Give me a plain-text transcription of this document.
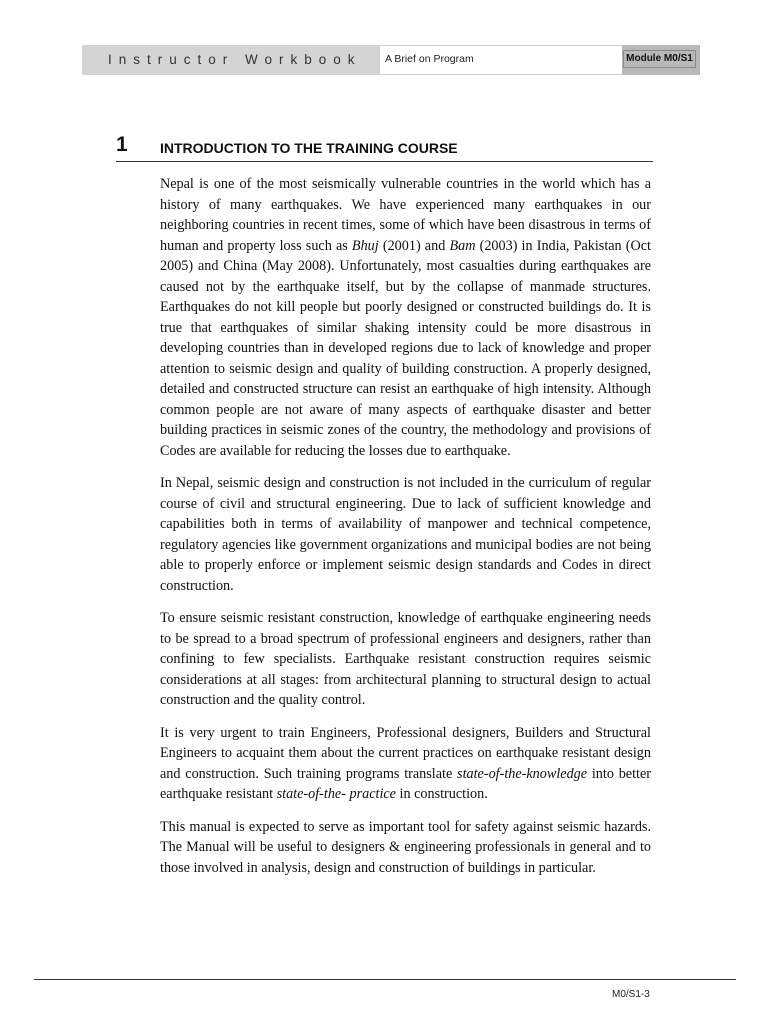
Instructor Workbook	A Brief on Program	Module M0/S1
1 INTRODUCTION TO THE TRAINING COURSE

Nepal is one of the most seismically vulnerable countries in the world which has a history of many earthquakes. We have experienced many earthquakes in our neighboring countries in recent times, some of which have been disastrous in terms of human and property loss such as Bhuj (2001) and Bam (2003) in India, Pakistan (Oct 2005) and China (May 2008). Unfortunately, most casualties during earthquakes are caused not by the earthquake itself, but by the collapse of manmade structures. Earthquakes do not kill people but poorly designed or constructed buildings do. It is true that earthquakes of similar shaking intensity could be more disastrous in developing countries than in developed regions due to lack of knowledge and proper attention to seismic design and quality of building construction. A properly designed, detailed and constructed structure can resist an earthquake of high intensity. Although common people are not aware of many aspects of earthquake disaster and better building practices in seismic zones of the country, the methodology and provisions of Codes are available for reducing the losses due to earthquake.

In Nepal, seismic design and construction is not included in the curriculum of regular course of civil and structural engineering. Due to lack of sufficient knowledge and capabilities both in terms of availability of manpower and technical competence, regulatory agencies like government organizations and municipal bodies are not being able to properly enforce or implement seismic design standards and Codes in direct construction.

To ensure seismic resistant construction, knowledge of earthquake engineering needs to be spread to a broad spectrum of professional engineers and designers, rather than confining to few specialists. Earthquake resistant construction requires seismic considerations at all stages: from architectural planning to structural design to actual construction and the quality control.

It is very urgent to train Engineers, Professional designers, Builders and Structural Engineers to acquaint them about the current practices on earthquake resistant design and construction. Such training programs translate state-of-the-knowledge into better earthquake resistant state-of-the- practice in construction.

This manual is expected to serve as important tool for safety against seismic hazards. The Manual will be useful to designers & engineering professionals in general and to those involved in analysis, design and construction of buildings in particular.

M0/S1-3
